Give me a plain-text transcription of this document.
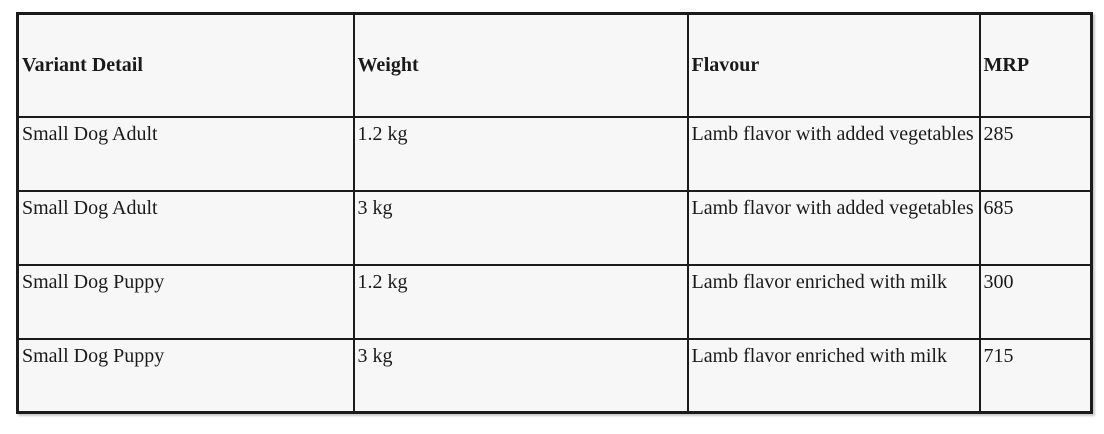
Variant Detail	Weight	Flavour	MRP
Small Dog Adult	1.2 kg	Lamb flavor with added vegetables	285
Small Dog Adult	3 kg	Lamb flavor with added vegetables	685
Small Dog Puppy	1.2 kg	Lamb flavor enriched with milk	300
Small Dog Puppy	3 kg	Lamb flavor enriched with milk	715
